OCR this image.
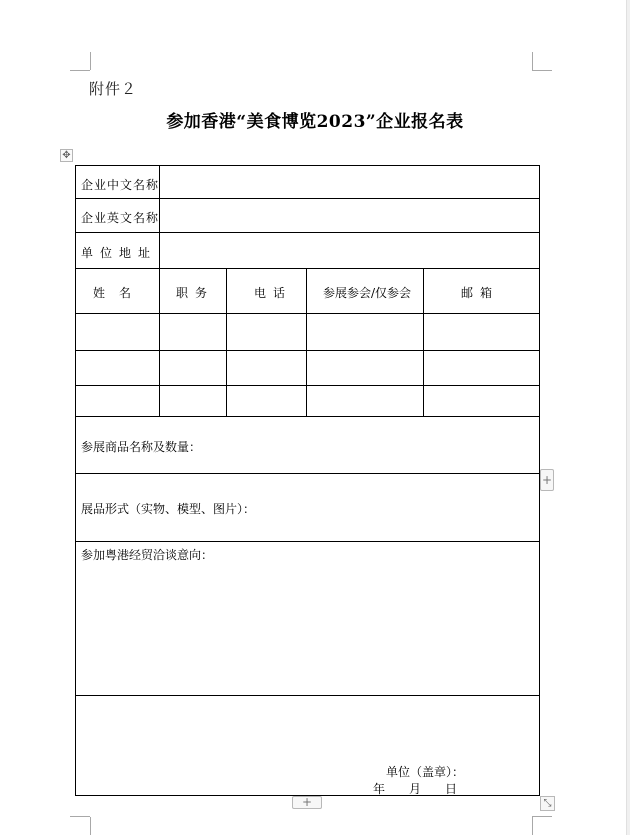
附件２
参加香港“美食博览2023”企业报名表
✥
企业中文名称
企业英文名称
单位地址
姓名	职务	电话	参展参会/仅参会	邮箱
参展商品名称及数量：
展品形式（实物、模型、图片）：
参加粤港经贸洽谈意向：
单位（盖章）：
年　　月　　日
+
+	⤡
